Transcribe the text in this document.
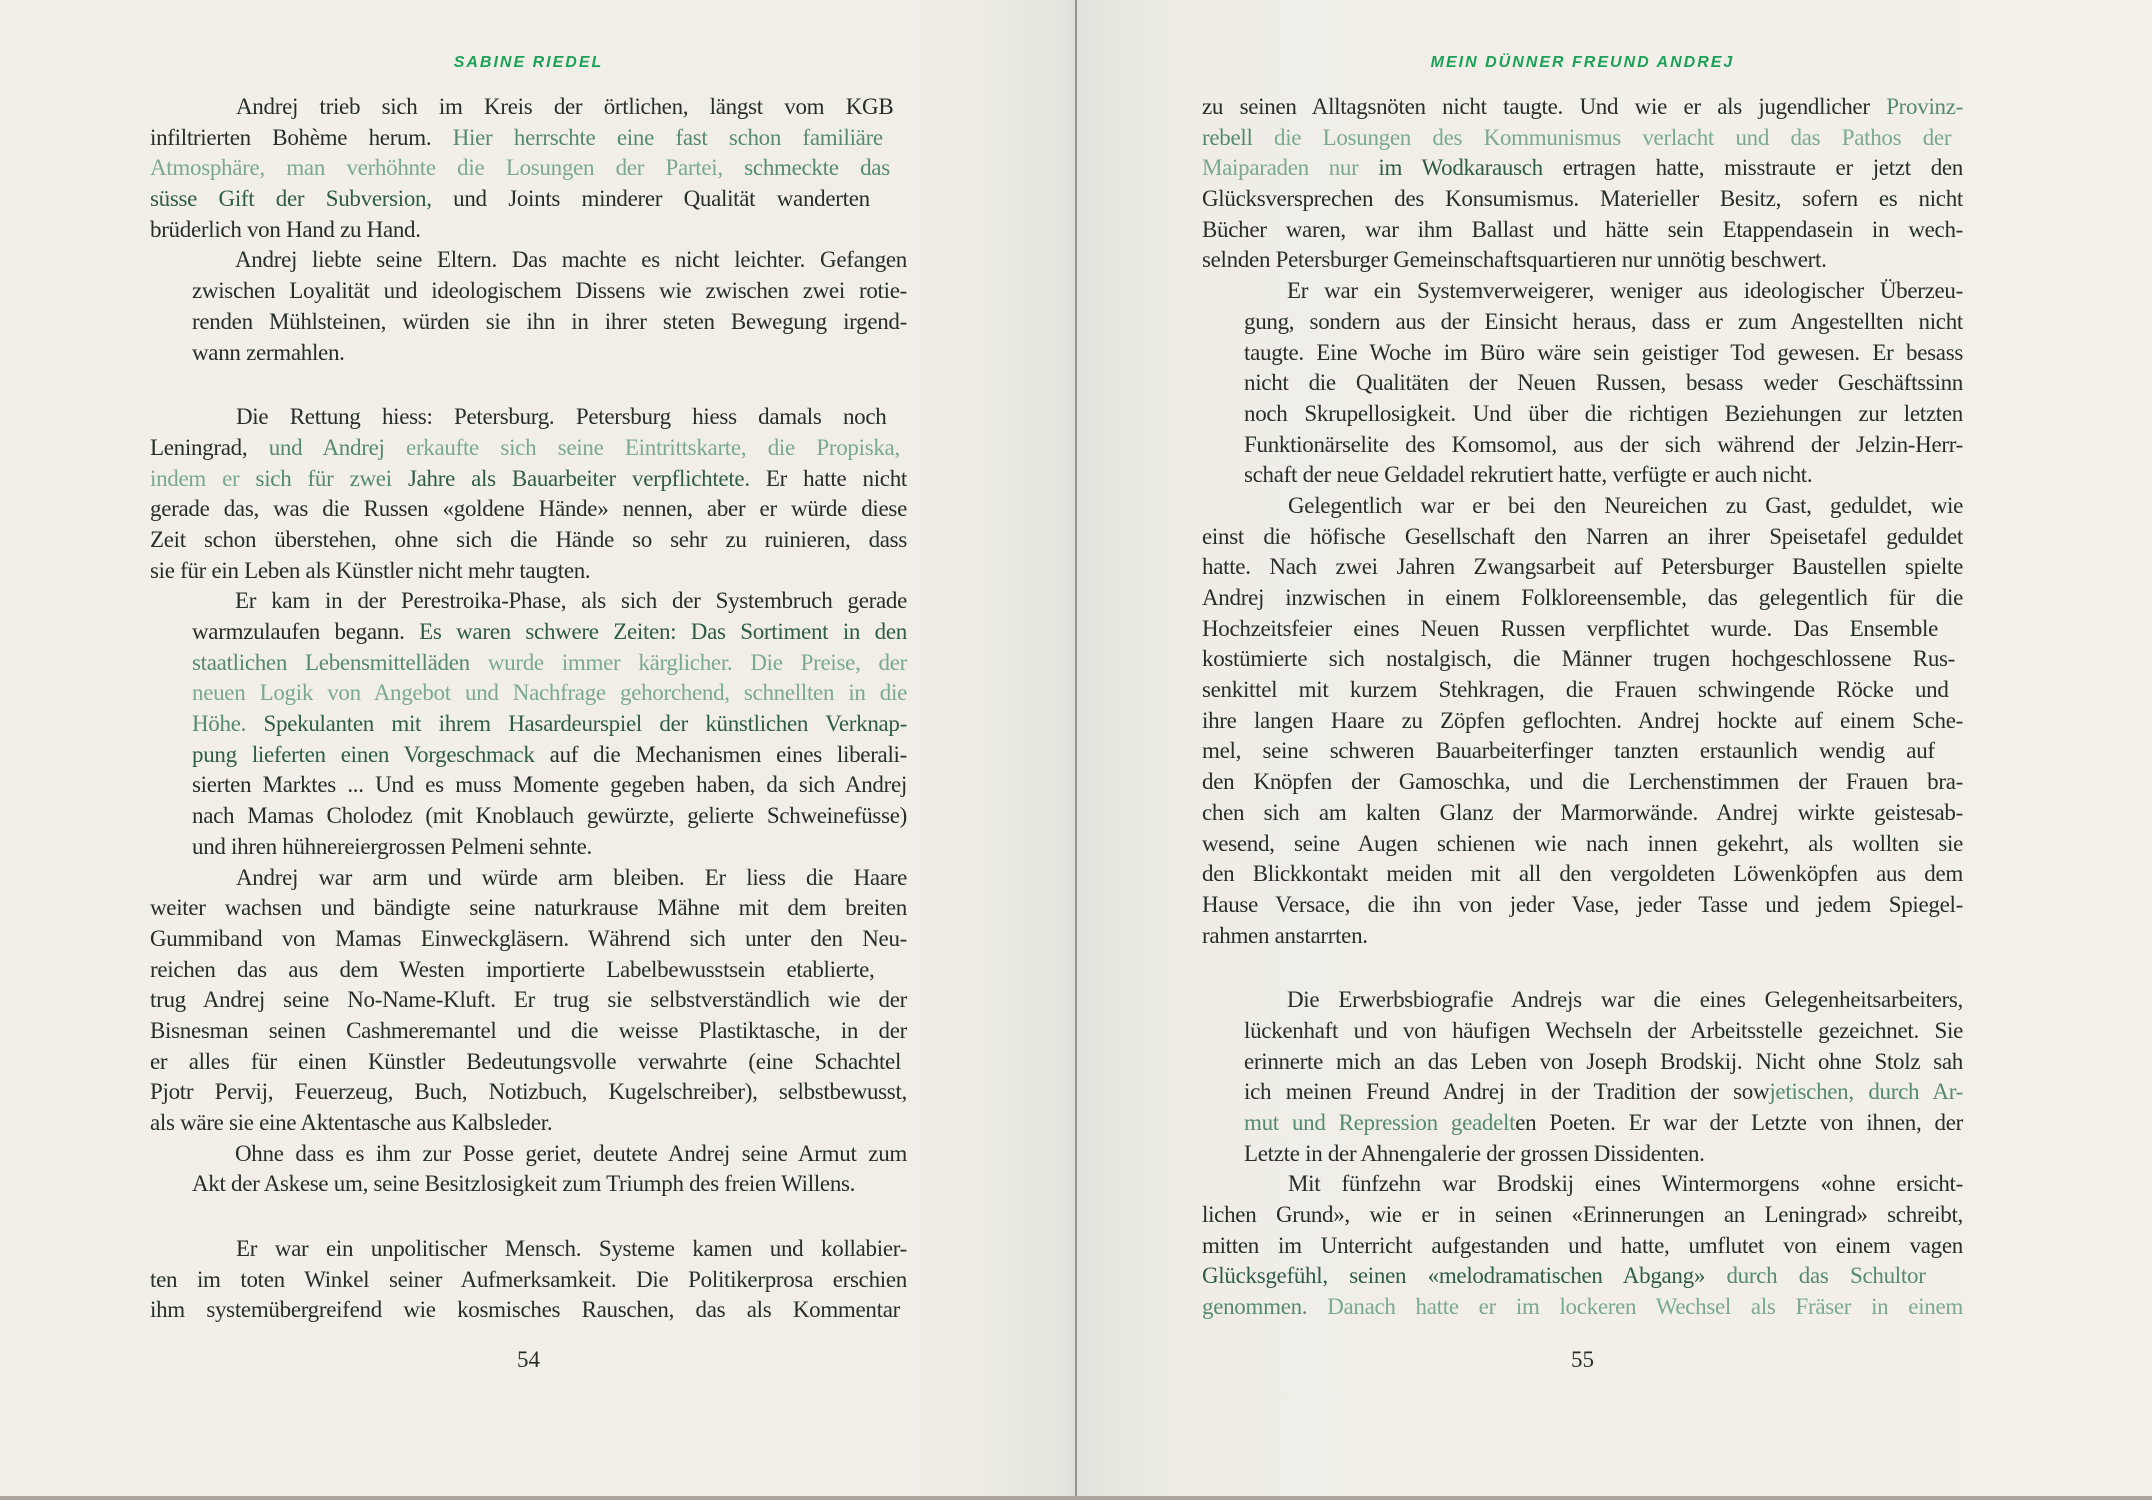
SABINE RIEDEL	MEIN DÜNNER FREUND ANDREJ
Andrej trieb sich im Kreis der örtlichen, längst vom KGB
infiltrierten Bohème herum. Hier herrschte eine fast schon familiäre
Atmosphäre, man verhöhnte die Losungen der Partei, schmeckte das
süsse Gift der Subversion, und Joints minderer Qualität wanderten
brüderlich von Hand zu Hand.
Andrej liebte seine Eltern. Das machte es nicht leichter. Gefangen
zwischen Loyalität und ideologischem Dissens wie zwischen zwei rotie-
renden Mühlsteinen, würden sie ihn in ihrer steten Bewegung irgend-
wann zermahlen.
Die Rettung hiess: Petersburg. Petersburg hiess damals noch
Leningrad, und Andrej erkaufte sich seine Eintrittskarte, die Propiska,
indem er sich für zwei Jahre als Bauarbeiter verpflichtete. Er hatte nicht
gerade das, was die Russen «goldene Hände» nennen, aber er würde diese
Zeit schon überstehen, ohne sich die Hände so sehr zu ruinieren, dass
sie für ein Leben als Künstler nicht mehr taugten.
Er kam in der Perestroika-Phase, als sich der Systembruch gerade
warmzulaufen begann. Es waren schwere Zeiten: Das Sortiment in den
staatlichen Lebensmittelläden wurde immer kärglicher. Die Preise, der
neuen Logik von Angebot und Nachfrage gehorchend, schnellten in die
Höhe. Spekulanten mit ihrem Hasardeurspiel der künstlichen Verknap-
pung lieferten einen Vorgeschmack auf die Mechanismen eines liberali-
sierten Marktes ... Und es muss Momente gegeben haben, da sich Andrej
nach Mamas Cholodez (mit Knoblauch gewürzte, gelierte Schweinefüsse)
und ihren hühnereiergrossen Pelmeni sehnte.
Andrej war arm und würde arm bleiben. Er liess die Haare
weiter wachsen und bändigte seine naturkrause Mähne mit dem breiten
Gummiband von Mamas Einweckgläsern. Während sich unter den Neu-
reichen das aus dem Westen importierte Labelbewusstsein etablierte,
trug Andrej seine No-Name-Kluft. Er trug sie selbstverständlich wie der
Bisnesman seinen Cashmeremantel und die weisse Plastiktasche, in der
er alles für einen Künstler Bedeutungsvolle verwahrte (eine Schachtel
Pjotr Pervij, Feuerzeug, Buch, Notizbuch, Kugelschreiber), selbstbewusst,
als wäre sie eine Aktentasche aus Kalbsleder.
Ohne dass es ihm zur Posse geriet, deutete Andrej seine Armut zum
Akt der Askese um, seine Besitzlosigkeit zum Triumph des freien Willens.
Er war ein unpolitischer Mensch. Systeme kamen und kollabier-
ten im toten Winkel seiner Aufmerksamkeit. Die Politikerprosa erschien
ihm systemübergreifend wie kosmisches Rauschen, das als Kommentar
zu seinen Alltagsnöten nicht taugte. Und wie er als jugendlicher Provinz-
rebell die Losungen des Kommunismus verlacht und das Pathos der
Maiparaden nur im Wodkarausch ertragen hatte, misstraute er jetzt den
Glücksversprechen des Konsumismus. Materieller Besitz, sofern es nicht
Bücher waren, war ihm Ballast und hätte sein Etappendasein in wech-
selnden Petersburger Gemeinschaftsquartieren nur unnötig beschwert.
Er war ein Systemverweigerer, weniger aus ideologischer Überzeu-
gung, sondern aus der Einsicht heraus, dass er zum Angestellten nicht
taugte. Eine Woche im Büro wäre sein geistiger Tod gewesen. Er besass
nicht die Qualitäten der Neuen Russen, besass weder Geschäftssinn
noch Skrupellosigkeit. Und über die richtigen Beziehungen zur letzten
Funktionärselite des Komsomol, aus der sich während der Jelzin-Herr-
schaft der neue Geldadel rekrutiert hatte, verfügte er auch nicht.
Gelegentlich war er bei den Neureichen zu Gast, geduldet, wie
einst die höfische Gesellschaft den Narren an ihrer Speisetafel geduldet
hatte. Nach zwei Jahren Zwangsarbeit auf Petersburger Baustellen spielte
Andrej inzwischen in einem Folkloreensemble, das gelegentlich für die
Hochzeitsfeier eines Neuen Russen verpflichtet wurde. Das Ensemble
kostümierte sich nostalgisch, die Männer trugen hochgeschlossene Rus-
senkittel mit kurzem Stehkragen, die Frauen schwingende Röcke und
ihre langen Haare zu Zöpfen geflochten. Andrej hockte auf einem Sche-
mel, seine schweren Bauarbeiterfinger tanzten erstaunlich wendig auf
den Knöpfen der Gamoschka, und die Lerchenstimmen der Frauen bra-
chen sich am kalten Glanz der Marmorwände. Andrej wirkte geistesab-
wesend, seine Augen schienen wie nach innen gekehrt, als wollten sie
den Blickkontakt meiden mit all den vergoldeten Löwenköpfen aus dem
Hause Versace, die ihn von jeder Vase, jeder Tasse und jedem Spiegel-
rahmen anstarrten.
Die Erwerbsbiografie Andrejs war die eines Gelegenheitsarbeiters,
lückenhaft und von häufigen Wechseln der Arbeitsstelle gezeichnet. Sie
erinnerte mich an das Leben von Joseph Brodskij. Nicht ohne Stolz sah
ich meinen Freund Andrej in der Tradition der sowjetischen, durch Ar-
mut und Repression geadelten Poeten. Er war der Letzte von ihnen, der
Letzte in der Ahnengalerie der grossen Dissidenten.
Mit fünfzehn war Brodskij eines Wintermorgens «ohne ersicht-
lichen Grund», wie er in seinen «Erinnerungen an Leningrad» schreibt,
mitten im Unterricht aufgestanden und hatte, umflutet von einem vagen
Glücksgefühl, seinen «melodramatischen Abgang» durch das Schultor
genommen. Danach hatte er im lockeren Wechsel als Fräser in einem
54	55
